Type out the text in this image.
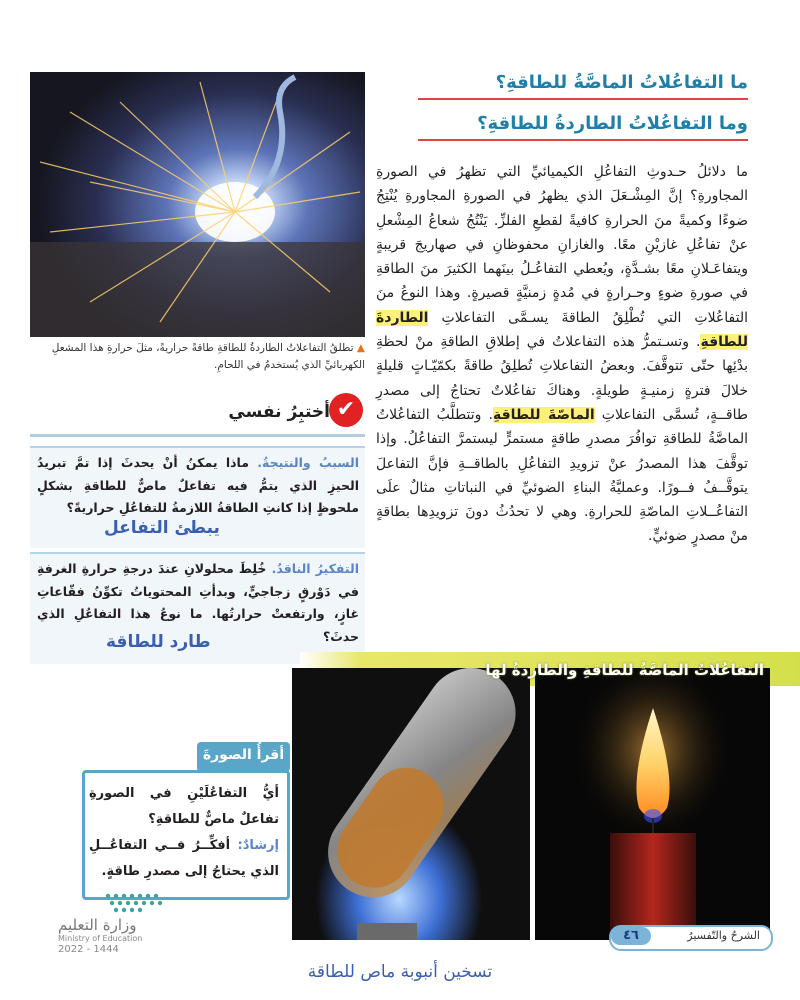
ما التفاعُلاتُ الماصَّةُ للطاقةِ؟
وما التفاعُلاتُ الطاردةُ للطاقةِ؟
ما دلائلُ حـدوثِ التفاعُلِ الكيميائيِّ التي تظهرُ في الصورةِ المجاورةِ؟ إنَّ المِشْـعَلَ الذي يظهرُ في الصورةِ المجاورةِ يُنْتِجُ ضوءًا وكميةً منَ الحرارةِ كافيةً لقطعِ الفلزِّ. يَنْتُجُ شعاعُ المِشْعلِ عنْ تفاعُلِ غازيْنِ معًا. والغازانِ محفوظانِ في صهاريجَ قريبةٍ ويتفاعَـلانِ معًا بشـدَّةٍ، ويُعطي التفاعُـلُ بينَهما الكثيرَ منَ الطاقةِ في صورةِ ضوءٍ وحـرارةٍ في مُدةٍ زمنيَّةٍ قصيرةٍ. وهذا النوعُ منَ التفاعُلاتِ التي تُطْلِقُ الطاقةَ يسـمَّى التفاعلاتِ الطاردةَ للطاقةِ. وتسـتمرُّ هذه التفاعلاتُ في إطلاقِ الطاقةِ منْ لحظةِ بدْئِها حتّى تتوقَّفَ. وبعضُ التفاعلاتِ تُطلِقُ طاقةً بكمّيّـاتٍ قليلةٍ خلالَ فترةٍ زمنيـةٍ طويلةٍ. وهناكَ تفاعُلاتٌ تحتاجُ إلى مصدرِ طاقــةٍ، تُسمَّى التفاعلاتِ الماصّةَ للطاقةِ. وتتطلَّبُ التفاعُلاتُ الماصَّةُ للطاقةِ توافُرَ مصدرِ طاقةٍ مستمرٍّ ليستمرَّ التفاعُلُ. وإذا توقَّفَ هذا المصدرُ عنْ تزويدِ التفاعُلِ بالطاقــةِ فإنَّ التفاعلَ يتوقَّــفُ فــورًا. وعمليَّةُ البناءِ الضوئيِّ في النباتاتِ مثالٌ علَى التفاعُــلاتِ الماصّةِ للحرارةِ. وهي لا تحدُثُ دونَ تزويدِها بطاقةٍ منْ مصدرٍ ضوئيٍّ.
▲ تطلقُ التفاعلاتُ الطاردةُ للطاقةِ طاقةً حراريةً، مثلَ حرارةِ هذا المشعلِ الكهربائيِّ الذي يُستخدمُ في اللحامِ.
✔
أختبِرُ نفسي
السببُ والنتيجةُ. ماذا يمكنُ أنْ يحدثَ إذا تمَّ تبريدُ الحيزِ الذي يتمُّ فيه تفاعلٌ ماصٌّ للطاقةِ بشكلٍ ملحوظٍ إذا كانتِ الطاقةُ اللازمةُ للتفاعُلِ حراريةً؟
يبطئ التفاعل
التفكيرُ الناقدُ. خُلِطَ محلولانِ عندَ درجةِ حرارةِ الغرفةِ في دَوْرقٍ زجاجيٍّ، وبدأتِ المحتوياتُ تكوِّنُ فقّاعاتِ غازٍ، وارتفعتْ حرارتُها. ما نوعُ هذا التفاعُلِ الذي حدثَ؟
طارد للطاقة
التفاعُلاتُ الماصَّةُ للطاقةِ والطاردةُ لها
أيُّ التفاعُلَيْنِ في الصورةِ تفاعلٌ ماصٌّ للطاقةِ؟
إرشادٌ: أفكِّــرُ فــي التفاعُــلِ الذي يحتاجُ إلى مصدرِ طاقةٍ.
أقرأُ الصورةَ
٤٦	الشرحُ والتّفسيرُ
وزارة التعليم
Ministry of Education
2022 - 1444
تسخين أنبوبة ماص للطاقة
